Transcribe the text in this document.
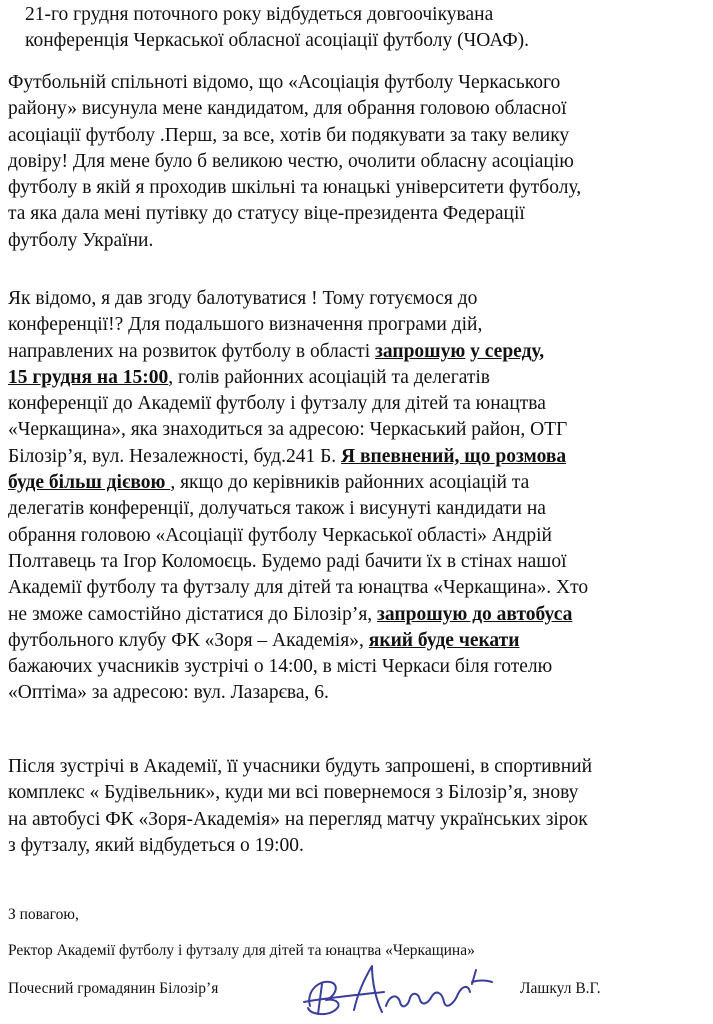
21-го грудня поточного року відбудеться довгоочікувана
конференція Черкаської обласної асоціації футболу (ЧОАФ).

Футбольній спільноті відомо, що «Асоціація футболу Черкаського
району» висунула мене кандидатом, для обрання головою обласної
асоціації футболу .Перш, за все, хотів би подякувати за таку велику
довіру! Для мене було б великою честю, очолити обласну асоціацію
футболу в якій я проходив шкільні та юнацькі університети футболу,
та яка дала мені путівку до статусу віце-президента Федерації
футболу України.

Як відомо, я дав згоду балотуватися ! Тому готуємося до
конференції!? Для подальшого визначення програми дій,
направлених на розвиток футболу в області запрошую у середу,
15 грудня на 15:00, голів районних асоціацій та делегатів
конференції до Академії футболу і футзалу для дітей та юнацтва
«Черкащина», яка знаходиться за адресою: Черкаський район, ОТГ
Білозір’я, вул. Незалежності, буд.241 Б. Я впевнений, що розмова
буде більш дієвою , якщо до керівників районних асоціацій та
делегатів конференції, долучаться також і висунуті кандидати на
обрання головою «Асоціації футболу Черкаської області» Андрій
Полтавець та Ігор Коломоєць. Будемо раді бачити їх в стінах нашої
Академії футболу та футзалу для дітей та юнацтва «Черкащина». Хто
не зможе самостійно дістатися до Білозір’я, запрошую до автобуса
футбольного клубу ФК «Зоря – Академія», який буде чекати
бажаючих учасників зустрічі о 14:00, в місті Черкаси біля готелю
«Оптіма» за адресою: вул. Лазарєва, 6.

Після зустрічі в Академії, її учасники будуть запрошені, в спортивний
комплекс « Будівельник», куди ми всі повернемося з Білозір’я, знову
на автобусі ФК «Зоря-Академія» на перегляд матчу українських зірок
з футзалу, який відбудеться о 19:00.

З повагою,

Ректор Академії футболу і футзалу для дітей та юнацтва «Черкащина»

Почесний громадянин Білозір’я	Лашкул В.Г.
